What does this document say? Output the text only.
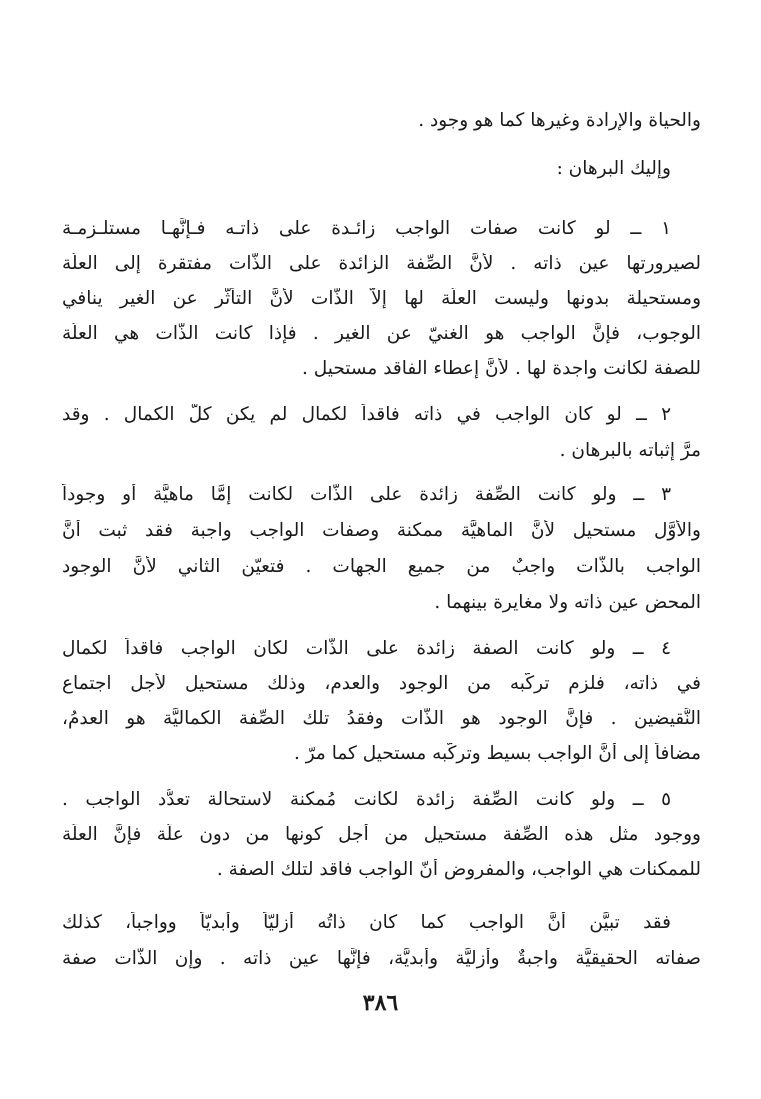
والحياة والإرادة وغيرها كما هو وجود .
وإليك البرهان :
١ ــ لو كانت صفات الواجب زائـدة على ذاتـه فـإنَّهـا مستلـزمـة
لصيرورتها عين ذاته . لأنَّ الصِّفة الزائدة على الذّات مفتقرة إلى العلَّة
ومستحيلة بدونها وليست العلَّة لها إلاَّ الذّات لأنَّ التأثُّر عن الغير ينافي
الوجوب، فإنَّ الواجب هو الغنيّ عن الغير . فإذا كانت الذّات هي العلَّة
للصفة لكانت واجدة لها . لأنَّ إعطاء الفاقد مستحيل .
٢ ــ لو كان الواجب في ذاته فاقداً لكمال لم يكن كلَّ الكمال . وقد
مرَّ إثباته بالبرهان .
٣ ــ ولو كانت الصِّفة زائدة على الذّات لكانت إمَّا ماهيَّة أو وجوداً
والأوَّل مستحيل لأنَّ الماهيَّة ممكنة وصفات الواجب واجبة فقد ثبت أنَّ
الواجب بالذّات واجبٌ من جميع الجهات . فتعيّن الثاني لأنَّ الوجود
المحض عين ذاته ولا مغايرة بينهما .
٤ ــ ولو كانت الصفة زائدة على الذّات لكان الواجب فاقداً لكمال
في ذاته، فلزم تركّبه من الوجود والعدم، وذلك مستحيل لأجل اجتماع
النَّقيضين . فإنَّ الوجود هو الذّات وفقدُ تلك الصِّفة الكماليَّة هو العدمُ،
مضافاً إلى أنَّ الواجب بسيط وتركّبه مستحيل كما مرّ .
٥ ــ ولو كانت الصِّفة زائدة لكانت مُمكنة لاستحالة تعدُّد الواجب .
ووجود مثل هذه الصِّفة مستحيل من أجل كونها من دون علَّة فإنَّ العلَّة
للممكنات هي الواجب، والمفروض أنّ الواجب فاقد لتلك الصفة .
فقد تبيَّن أنَّ الواجب كما كان ذاتُه أزليّاً وأبديّاً وواجباً، كذلك
صفاته الحقيقيَّة واجبةٌ وأزليَّة وأبديَّة، فإنَّها عين ذاته . وإن الذّات صفة
٣٨٦
